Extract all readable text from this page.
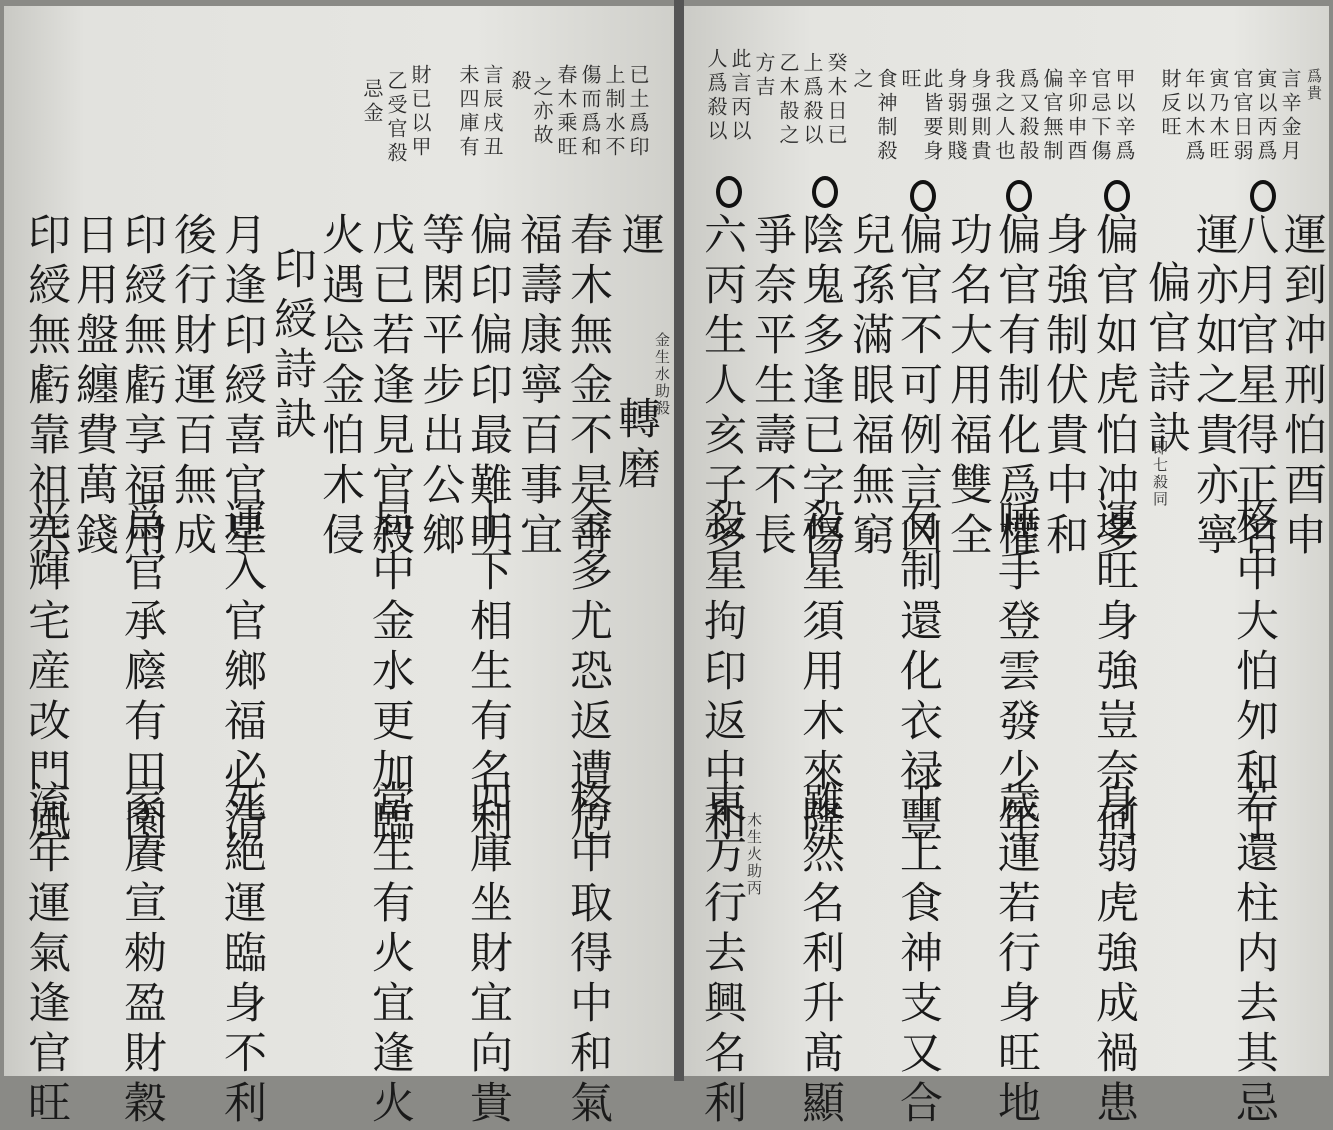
爲貴
言辛金月
寅以丙爲
官官日弱
寅乃木旺
年以木爲
財反旺
甲以辛爲
官忌下傷
辛卯申酉
偏官無制
爲又殺㱿
我之人也
身强則貴
身弱則賤
此皆要身
旺
食神制殺
之
癸木日已
上爲殺以
乙木㱿之
方吉
此言丙以
人爲殺以
運到冲刑怕酉申
格中大怕夘和丁
若還柱内去其忌
八月官星得正名
運亦如之貴亦寧
偏官詩訣
即七殺同
偏官如虎怕冲多
運旺身強豈奈何
身弱虎強成禍患
身強制伏貴中和
偏官有制化爲權
唾手登雲發少年
歲運若行身旺地
功名大用福雙全
偏官不可例言凶
有制還化衣禄豐
干上食神支又合
兒孫滿眼福無窮
陰鬼多逢已字傷
殺星須用木來降
雖然名利升髙顯
爭奈平生壽不長
六丙生人亥子多
殺星拘印返中和
東方行去興名利
木生火助丙
已土爲印
上制水不
傷而爲和
春木乘旺
之亦故
殺
言辰戌丑
未四庫有
財已以甲
乙受官殺
忌金
運
春木無金不是奇
金多尤恐返遭危
格中取得中和氣
轉磨
金生水助殺
福壽康寧百事宜
偏印偏印最難明
上下相生有名利
四庫坐財宜向貴
等閑平步出公鄉
戊已若逢見官殺
局中金水更加臨
當生有火宜逢火
火遇㤀金怕木侵
印綬詩訣
月逢印綬喜官星
運入官鄉福必清
死絶運臨身不利
後行財運百無成
印綬無虧享福用
爲官承廕有田園
家賡宣勑盈財穀
日用盤纏費萬錢
印綬無虧靠祖宗
光輝宅産改門風
流年運氣逢官旺
